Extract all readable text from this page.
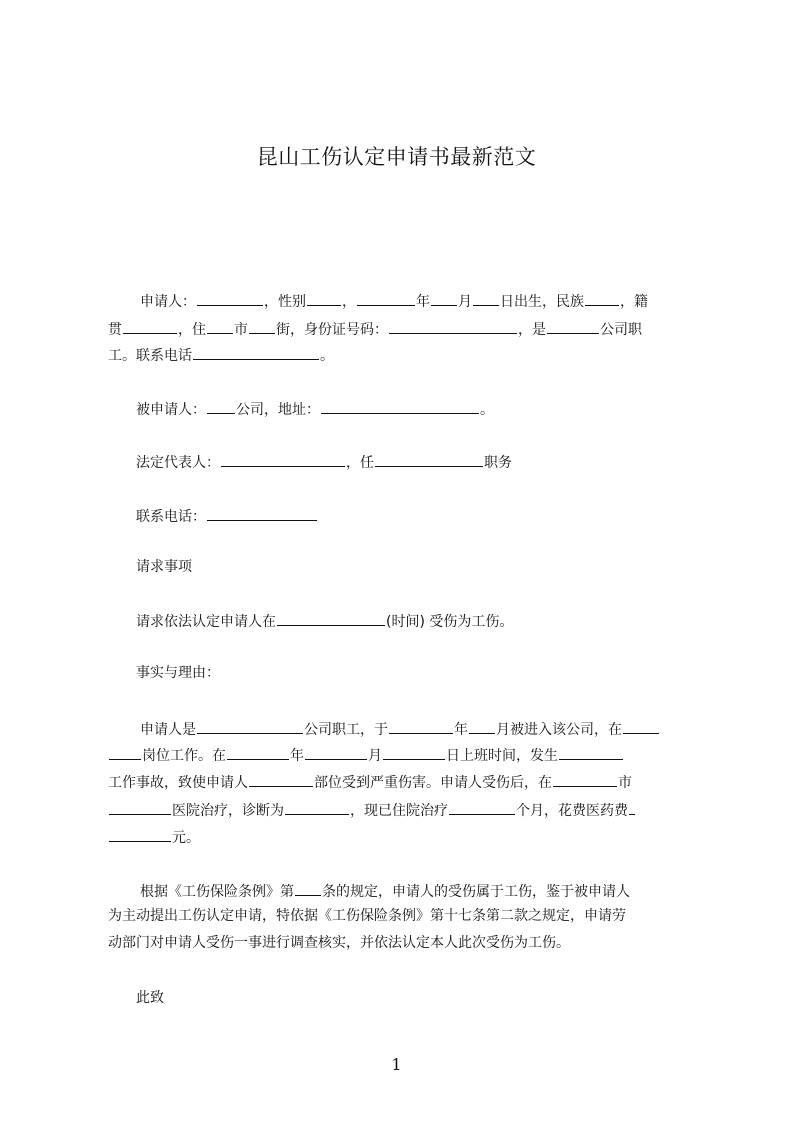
昆山工伤认定申请书最新范文
申请人：	，性别	，	年 月 日出生，民族	，籍
贯	，住 市 街，身份证号码：	，是	公司职
工。联系电话	。
被申请人： 公司，地址：	。
法定代表人：	，任	职务
联系电话：
请求事项
请求依法认定申请人在	(时间) 受伤为工伤。
事实与理由：
申请人是	公司职工，于	年 月被进入该公司，在
岗位工作。在	年	月	日上班时间，发生
工作事故，致使申请人	部位受到严重伤害。申请人受伤后，在	市
医院治疗，诊断为	，现已住院治疗	个月，花费医药费
元。
根据《工伤保险条例》第 条的规定，申请人的受伤属于工伤，鉴于被申请人
为主动提出工伤认定申请，特依据《工伤保险条例》第十七条第二款之规定，申请劳
动部门对申请人受伤一事进行调查核实，并依法认定本人此次受伤为工伤。
此致
1
